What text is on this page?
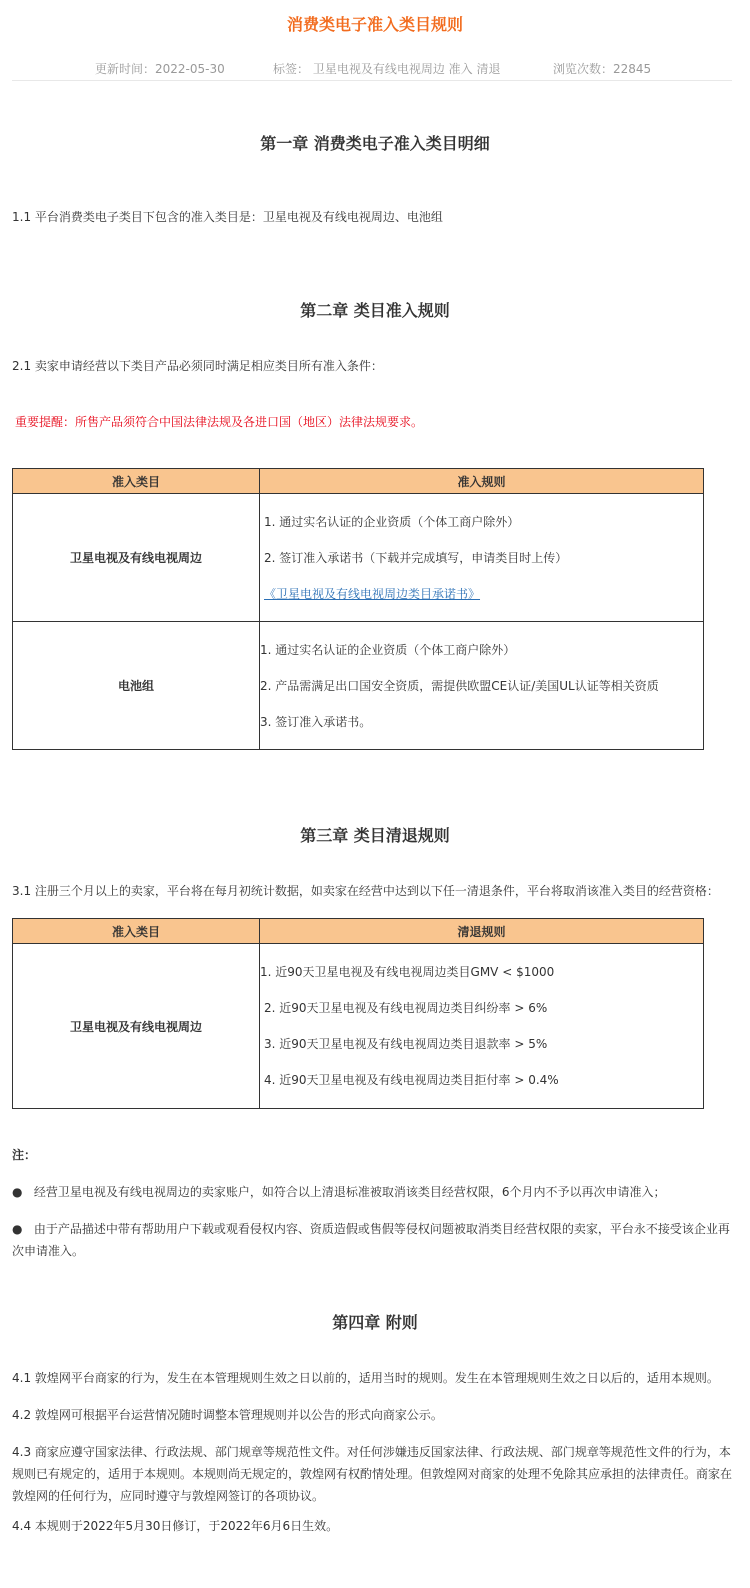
消费类电子准入类目规则
更新时间：2022-05-30	标签： 卫星电视及有线电视周边 准入 清退	浏览次数：22845
第一章 消费类电子准入类目明细
1.1 平台消费类电子类目下包含的准入类目是：卫星电视及有线电视周边、电池组
第二章 类目准入规则
2.1 卖家申请经营以下类目产品必须同时满足相应类目所有准入条件：
重要提醒：所售产品须符合中国法律法规及各进口国（地区）法律法规要求。
准入类目	准入规则
卫星电视及有线电视周边	1. 通过实名认证的企业资质（个体工商户除外）
2. 签订准入承诺书（下载并完成填写，申请类目时上传）
《卫星电视及有线电视周边类目承诺书》

电池组	1. 通过实名认证的企业资质（个体工商户除外）
2. 产品需满足出口国安全资质，需提供欧盟CE认证/美国UL认证等相关资质
3. 签订准入承诺书。
第三章 类目清退规则
3.1 注册三个月以上的卖家，平台将在每月初统计数据，如卖家在经营中达到以下任一清退条件，平台将取消该准入类目的经营资格：
准入类目	清退规则
卫星电视及有线电视周边	1. 近90天卫星电视及有线电视周边类目GMV < $1000
2. 近90天卫星电视及有线电视周边类目纠纷率 > 6%
3. 近90天卫星电视及有线电视周边类目退款率 > 5%
4. 近90天卫星电视及有线电视周边类目拒付率 > 0.4%
注：
●   经营卫星电视及有线电视周边的卖家账户，如符合以上清退标准被取消该类目经营权限，6个月内不予以再次申请准入；
●   由于产品描述中带有帮助用户下载或观看侵权内容、资质造假或售假等侵权问题被取消类目经营权限的卖家，平台永不接受该企业再次申请准入。
第四章 附则
4.1 敦煌网平台商家的行为，发生在本管理规则生效之日以前的，适用当时的规则。发生在本管理规则生效之日以后的，适用本规则。
4.2 敦煌网可根据平台运营情况随时调整本管理规则并以公告的形式向商家公示。
4.3 商家应遵守国家法律、行政法规、部门规章等规范性文件。对任何涉嫌违反国家法律、行政法规、部门规章等规范性文件的行为，本规则已有规定的，适用于本规则。本规则尚无规定的，敦煌网有权酌情处理。但敦煌网对商家的处理不免除其应承担的法律责任。商家在敦煌网的任何行为，应同时遵守与敦煌网签订的各项协议。
4.4 本规则于2022年5月30日修订，于2022年6月6日生效。
